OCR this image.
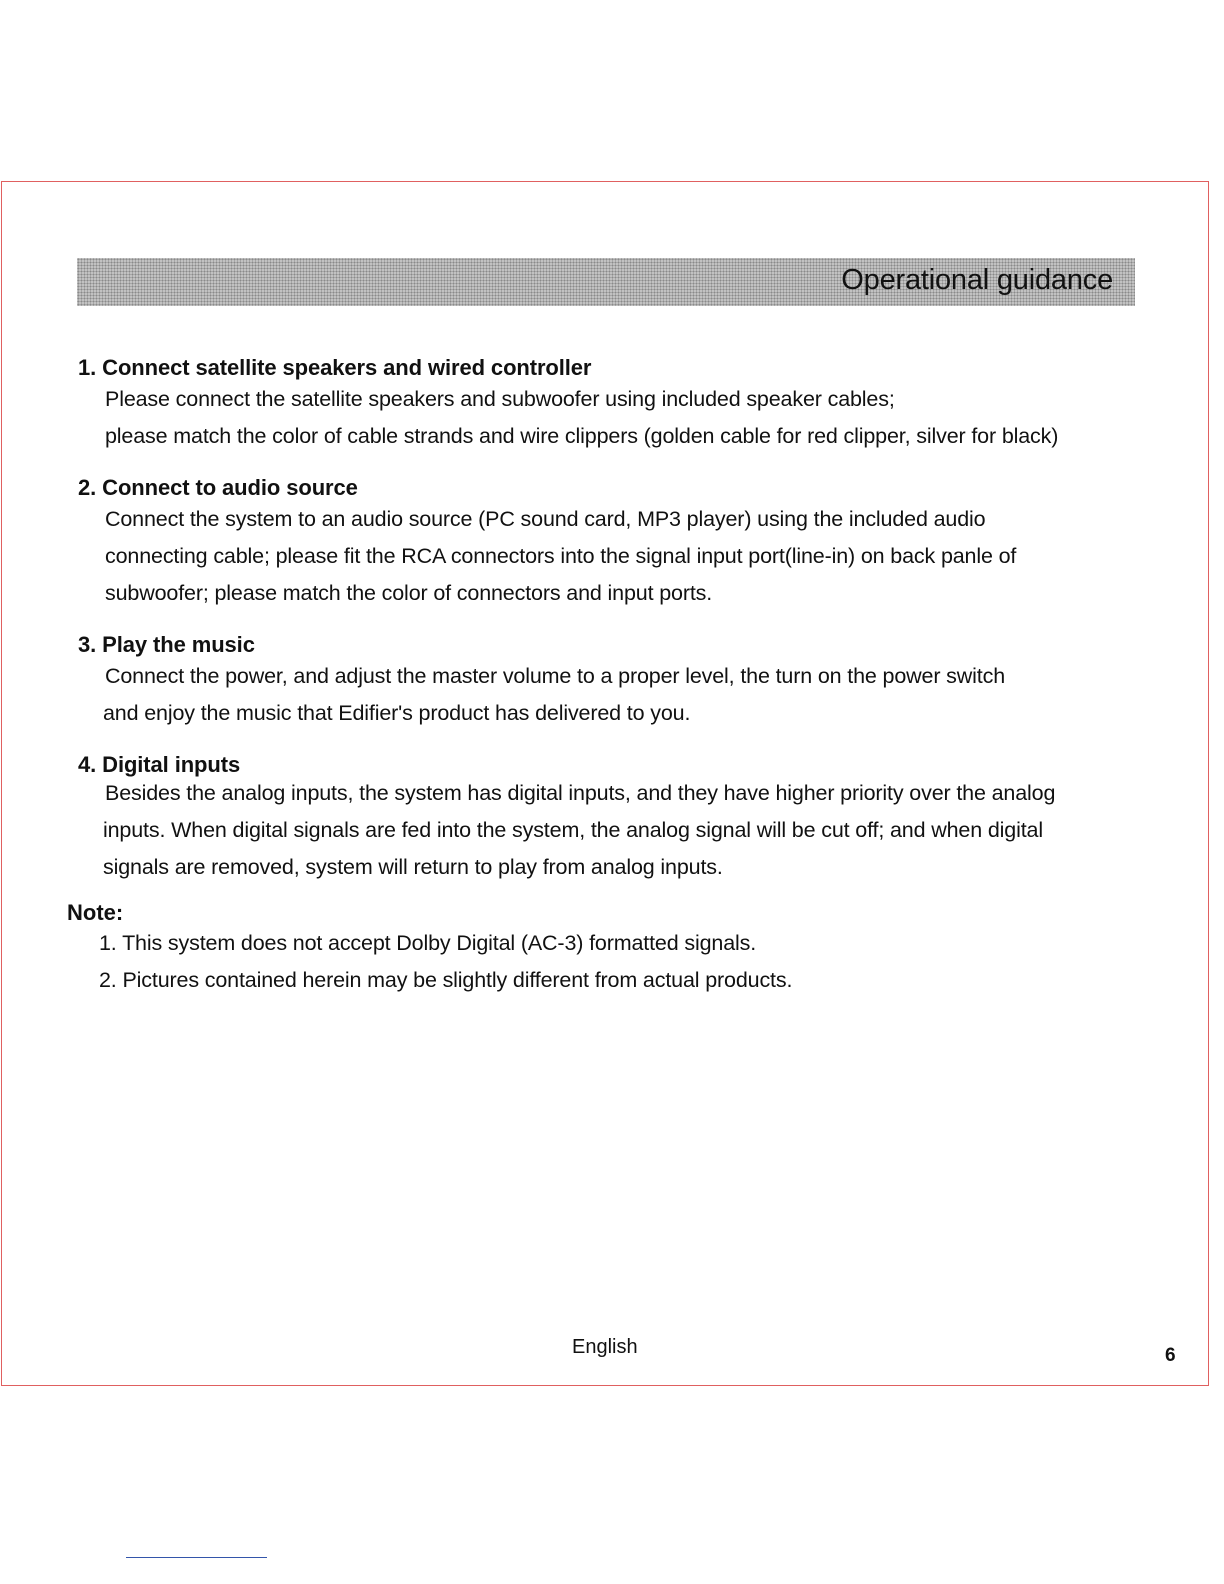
Operational guidance
1. Connect satellite speakers and wired controller
Please connect the satellite speakers and subwoofer using included speaker cables;
please match the color of cable strands and wire clippers (golden cable for red clipper, silver for black)
2. Connect to audio source
Connect the system to an audio source (PC sound card, MP3 player) using the included audio
connecting cable; please fit the RCA connectors into the signal input port(line-in) on back panle of
subwoofer; please match the color of connectors and input ports.
3. Play the music
Connect the power, and adjust the master volume to a proper level, the turn on the power switch
and enjoy the music that Edifier's product has delivered to you.
4. Digital inputs
Besides the analog inputs, the system has digital inputs, and they have higher priority over the analog
inputs. When digital signals are fed into the system, the analog signal will be cut off; and when digital
signals are removed, system will return to play from analog inputs.
Note:
1. This system does not accept Dolby Digital (AC-3) formatted signals.
2. Pictures contained herein may be slightly different from actual products.
English	6
